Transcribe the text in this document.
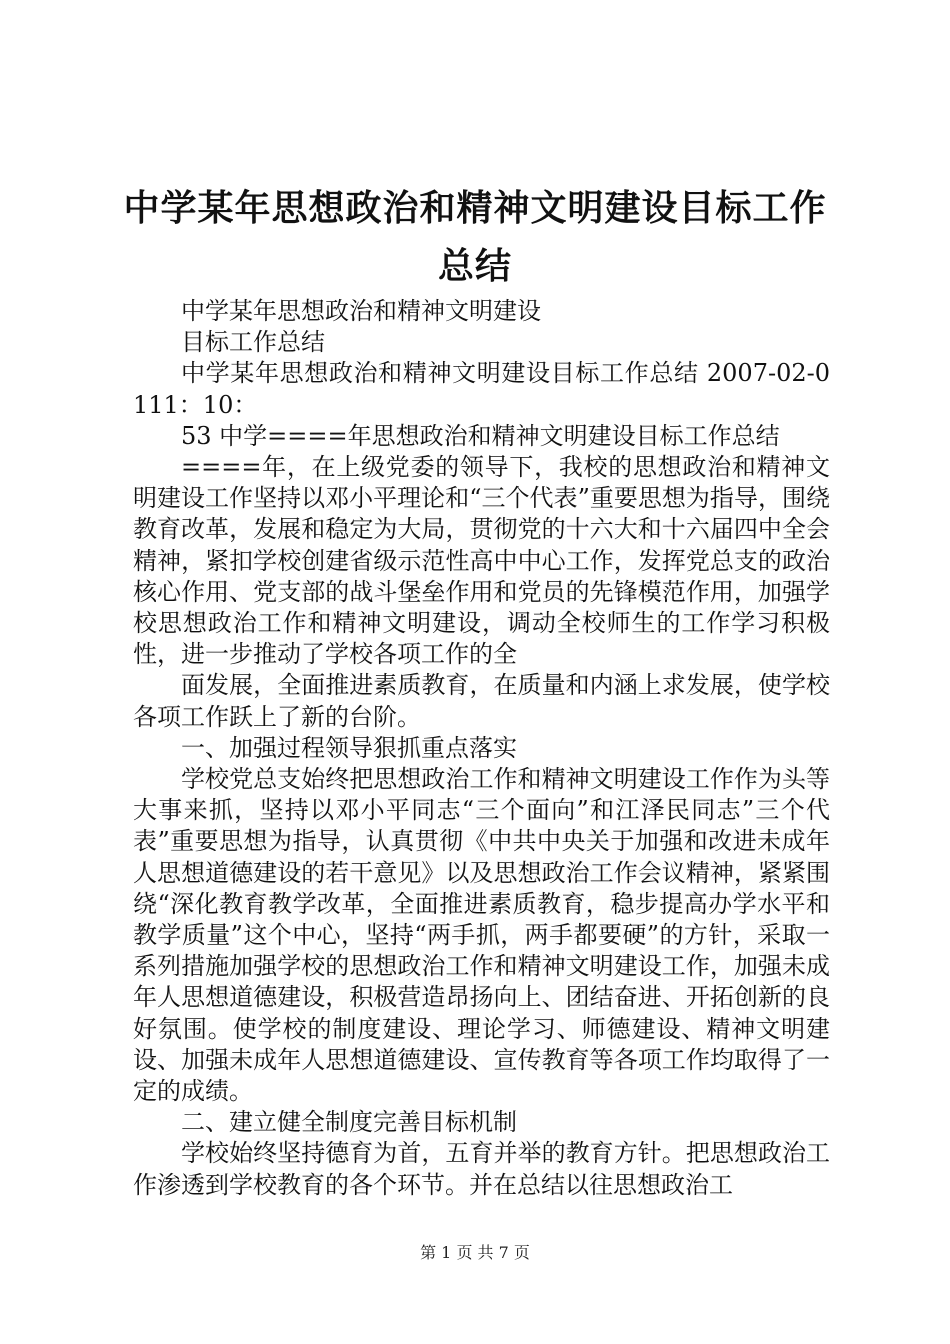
中学某年思想政治和精神文明建设目标工作总结

中学某年思想政治和精神文明建设

目标工作总结

中学某年思想政治和精神文明建设目标工作总结 2007-02-0111：10：

53 中学====年思想政治和精神文明建设目标工作总结

====年，在上级党委的领导下，我校的思想政治和精神文明建设工作坚持以邓小平理论和“三个代表”重要思想为指导，围绕教育改革，发展和稳定为大局，贯彻党的十六大和十六届四中全会精神，紧扣学校创建省级示范性高中中心工作，发挥党总支的政治核心作用、党支部的战斗堡垒作用和党员的先锋模范作用，加强学校思想政治工作和精神文明建设，调动全校师生的工作学习积极性，进一步推动了学校各项工作的全

面发展，全面推进素质教育，在质量和内涵上求发展，使学校各项工作跃上了新的台阶。

一、加强过程领导狠抓重点落实

学校党总支始终把思想政治工作和精神文明建设工作作为头等大事来抓，坚持以邓小平同志“三个面向”和江泽民同志”三个代表”重要思想为指导，认真贯彻《中共中央关于加强和改进未成年人思想道德建设的若干意见》以及思想政治工作会议精神，紧紧围绕“深化教育教学改革，全面推进素质教育，稳步提高办学水平和教学质量”这个中心，坚持“两手抓，两手都要硬”的方针，采取一系列措施加强学校的思想政治工作和精神文明建设工作，加强未成年人思想道德建设，积极营造昂扬向上、团结奋进、开拓创新的良好氛围。使学校的制度建设、理论学习、师德建设、精神文明建设、加强未成年人思想道德建设、宣传教育等各项工作均取得了一定的成绩。

二、建立健全制度完善目标机制

学校始终坚持德育为首，五育并举的教育方针。把思想政治工作渗透到学校教育的各个环节。并在总结以往思想政治工

第 1 页 共 7 页
